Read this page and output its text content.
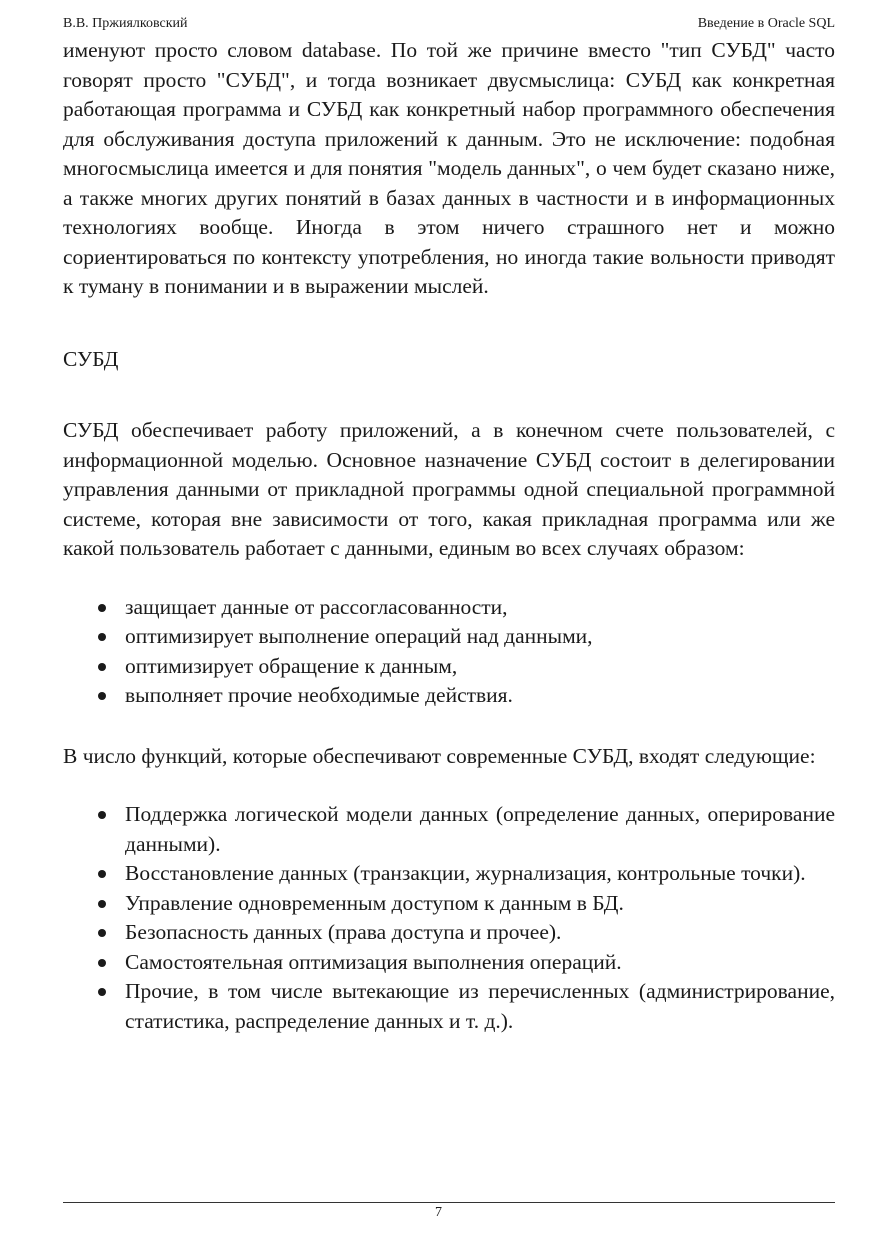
В.В. Пржиялковский	Введение в Oracle SQL

именуют просто словом database. По той же причине вместо "тип СУБД" часто говорят просто "СУБД", и тогда возникает двусмыслица: СУБД как конкретная работающая программа и СУБД как конкретный набор программного обеспечения для обслуживания доступа приложений к данным. Это не исключение: подобная многосмыслица имеется и для понятия "модель данных", о чем будет сказано ниже, а также многих других понятий в базах данных в частности и в информационных технологиях вообще. Иногда в этом ничего страшного нет и можно сориентироваться по контексту употребления, но иногда такие вольности приводят к туману в понимании и в выражении мыслей.

СУБД

СУБД обеспечивает работу приложений, а в конечном счете пользователей, с информационной моделью. Основное назначение СУБД состоит в делегировании управления данными от прикладной программы одной специальной программной системе, которая вне зависимости от того, какая прикладная программа или же какой пользователь работает с данными, единым во всех случаях образом:

защищает данные от рассогласованности,
оптимизирует выполнение операций над данными,
оптимизирует обращение к данным,
выполняет прочие необходимые действия.

В число функций, которые обеспечивают современные СУБД, входят следующие:

Поддержка логической модели данных (определение данных, оперирование данными).
Восстановление данных (транзакции, журнализация, контрольные точки).
Управление одновременным доступом к данным в БД.
Безопасность данных (права доступа и прочее).
Самостоятельная оптимизация выполнения операций.
Прочие, в том числе вытекающие из перечисленных (администрирование, статистика, распределение данных и т. д.).
7
